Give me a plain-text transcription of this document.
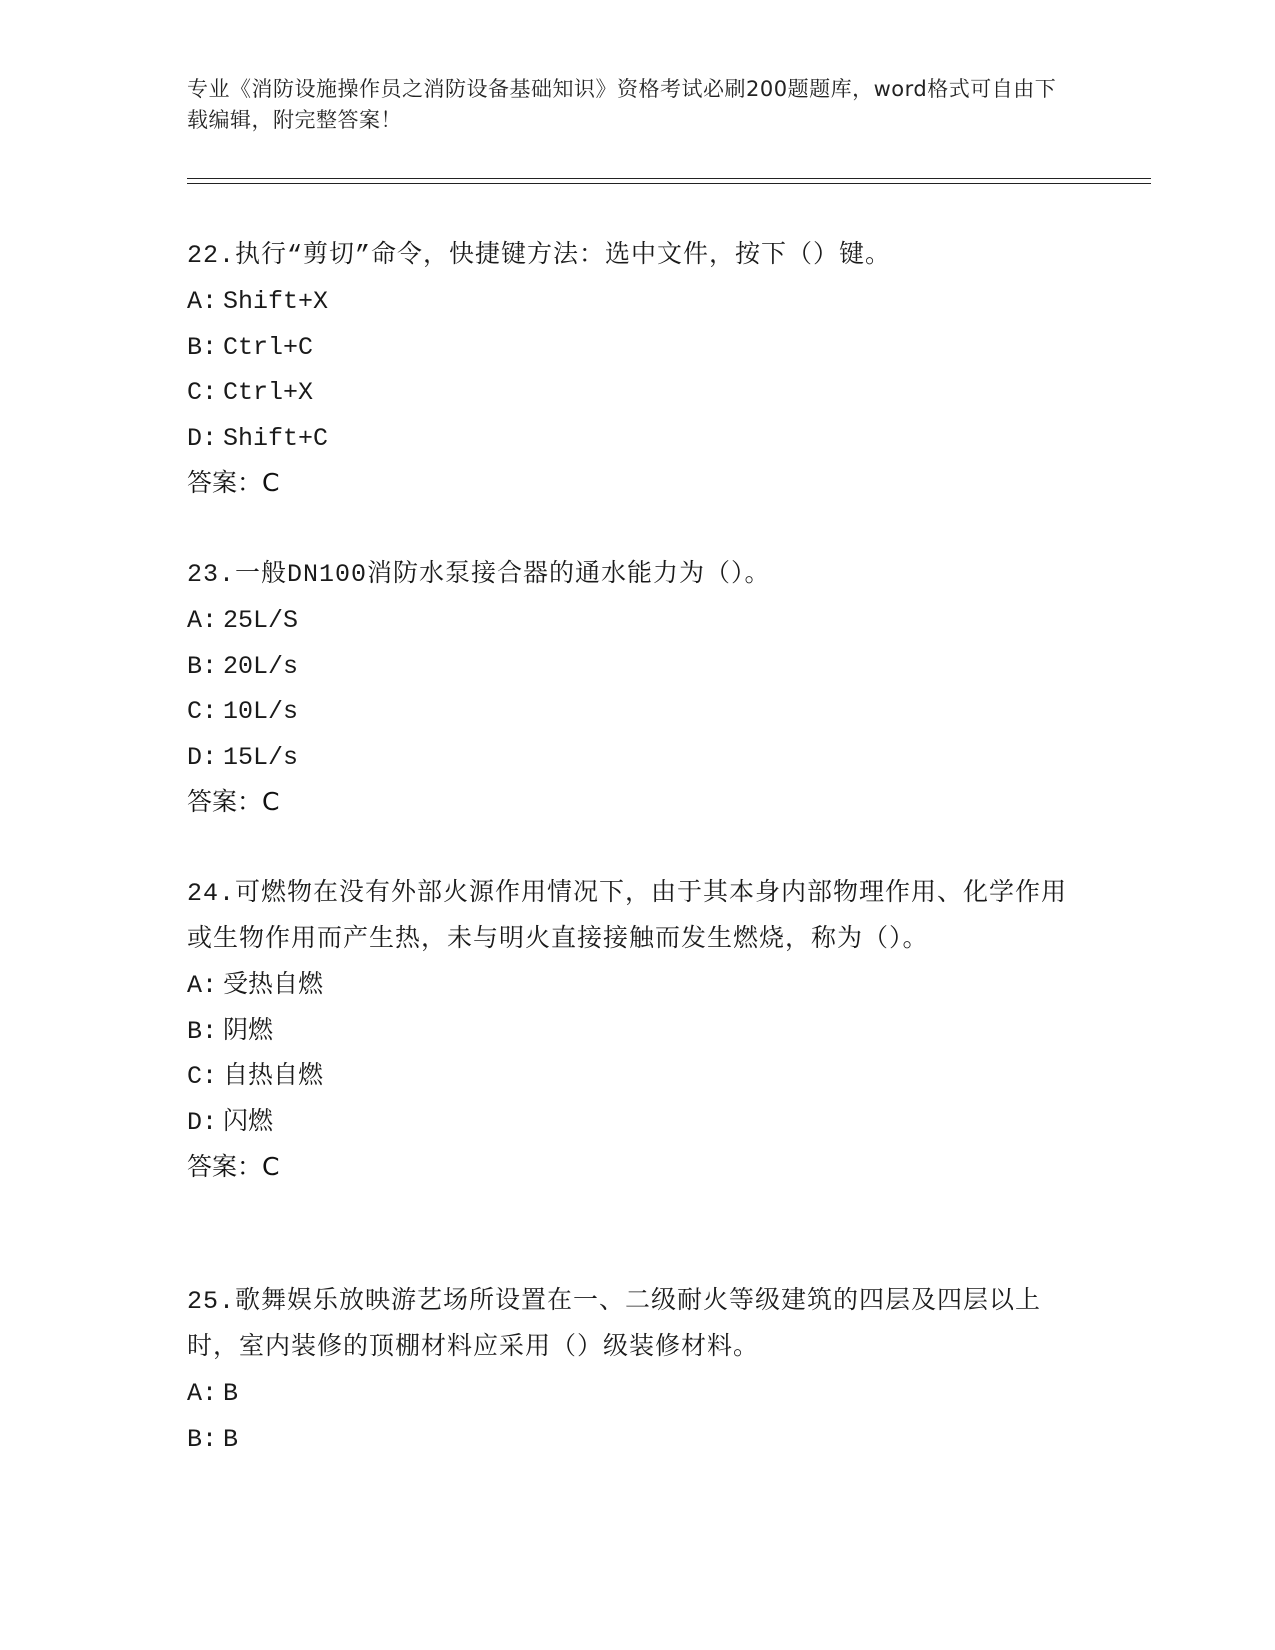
专业《消防设施操作员之消防设备基础知识》资格考试必刷200题题库，word格式可自由下载编辑，附完整答案！

22.执行“剪切”命令，快捷键方法：选中文件，按下（）键。

A: Shift+X

B: Ctrl+C

C: Ctrl+X

D: Shift+C

答案：C

23.一般DN100消防水泵接合器的通水能力为（）。

A: 25L/S

B: 20L/s

C: 10L/s

D: 15L/s

答案：C

24.可燃物在没有外部火源作用情况下，由于其本身内部物理作用、化学作用或生物作用而产生热，未与明火直接接触而发生燃烧，称为（）。

A: 受热自燃

B: 阴燃

C: 自热自燃

D: 闪燃

答案：C

25.歌舞娱乐放映游艺场所设置在一、二级耐火等级建筑的四层及四层以上时，室内装修的顶棚材料应采用（）级装修材料。

A: B

B: B
